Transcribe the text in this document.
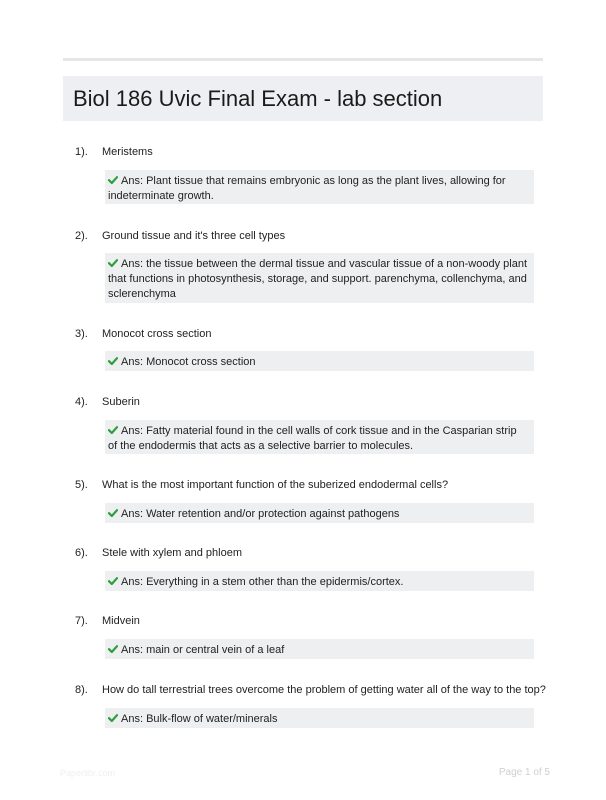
Biol 186 Uvic Final Exam - lab section
1). Meristems
Ans: Plant tissue that remains embryonic as long as the plant lives, allowing for indeterminate growth.
2). Ground tissue and it's three cell types
Ans: the tissue between the dermal tissue and vascular tissue of a non-woody plant that functions in photosynthesis, storage, and support. parenchyma, collenchyma, and sclerenchyma
3). Monocot cross section
Ans: Monocot cross section
4). Suberin
Ans: Fatty material found in the cell walls of cork tissue and in the Casparian strip of the endodermis that acts as a selective barrier to molecules.
5). What is the most important function of the suberized endodermal cells?
Ans: Water retention and/or protection against pathogens
6). Stele with xylem and phloem
Ans: Everything in a stem other than the epidermis/cortex.
7). Midvein
Ans: main or central vein of a leaf
8). How do tall terrestrial trees overcome the problem of getting water all of the way to the top?
Ans: Bulk-flow of water/minerals
Paperlibr.com	Page 1 of 5
